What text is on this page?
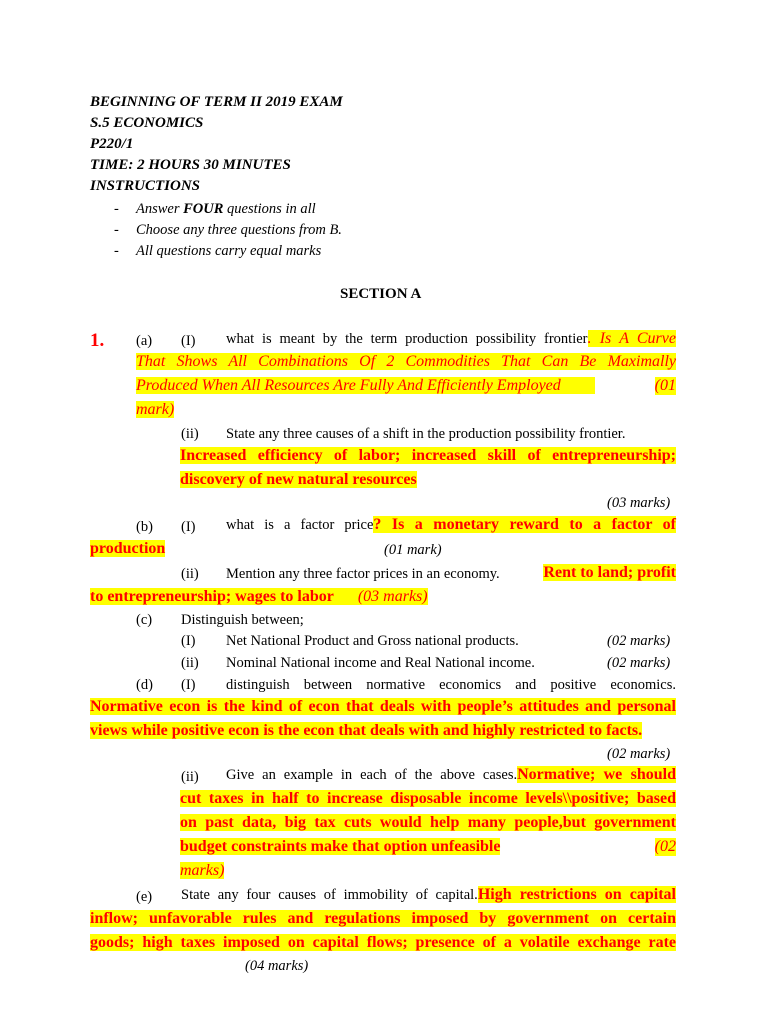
BEGINNING OF TERM II 2019 EXAM
S.5 ECONOMICS
P220/1
TIME: 2 HOURS 30 MINUTES
INSTRUCTIONS
- Answer FOUR questions in all
- Choose any three questions from B.
- All questions carry equal marks
SECTION A
1. (a) (I) what is meant by the term production possibility frontier. Is A Curve
That Shows All Combinations Of 2 Commodities That Can Be Maximally
Produced When All Resources Are Fully And Efficiently Employed	(01
mark)
(ii) State any three causes of a shift in the production possibility frontier.
Increased efficiency of labor; increased skill of entrepreneurship;
discovery of new natural resources
(03 marks)
(b) (I) what is a factor price? Is a monetary reward to a factor of
production	(01 mark)
(ii) Mention any three factor prices in an economy.	Rent to land; profit
to entrepreneurship; wages to labor (03 marks)
(c) Distinguish between;
(I) Net National Product and Gross national products.	(02 marks)
(ii) Nominal National income and Real National income.	(02 marks)
(d) (I) distinguish between normative economics and positive economics.
Normative econ is the kind of econ that deals with people’s attitudes and personal
views while positive econ is the econ that deals with and highly restricted to facts.
(02 marks)
(ii) Give an example in each of the above cases.Normative; we should
cut taxes in half to increase disposable income levels\\positive; based
on past data, big tax cuts would help many people,but government
budget constraints make that option unfeasible	(02
marks)
(e) State any four causes of immobility of capital.High restrictions on capital
inflow; unfavorable rules and regulations imposed by government on certain
goods; high taxes imposed on capital flows; presence of a volatile exchange rate
(04 marks)
